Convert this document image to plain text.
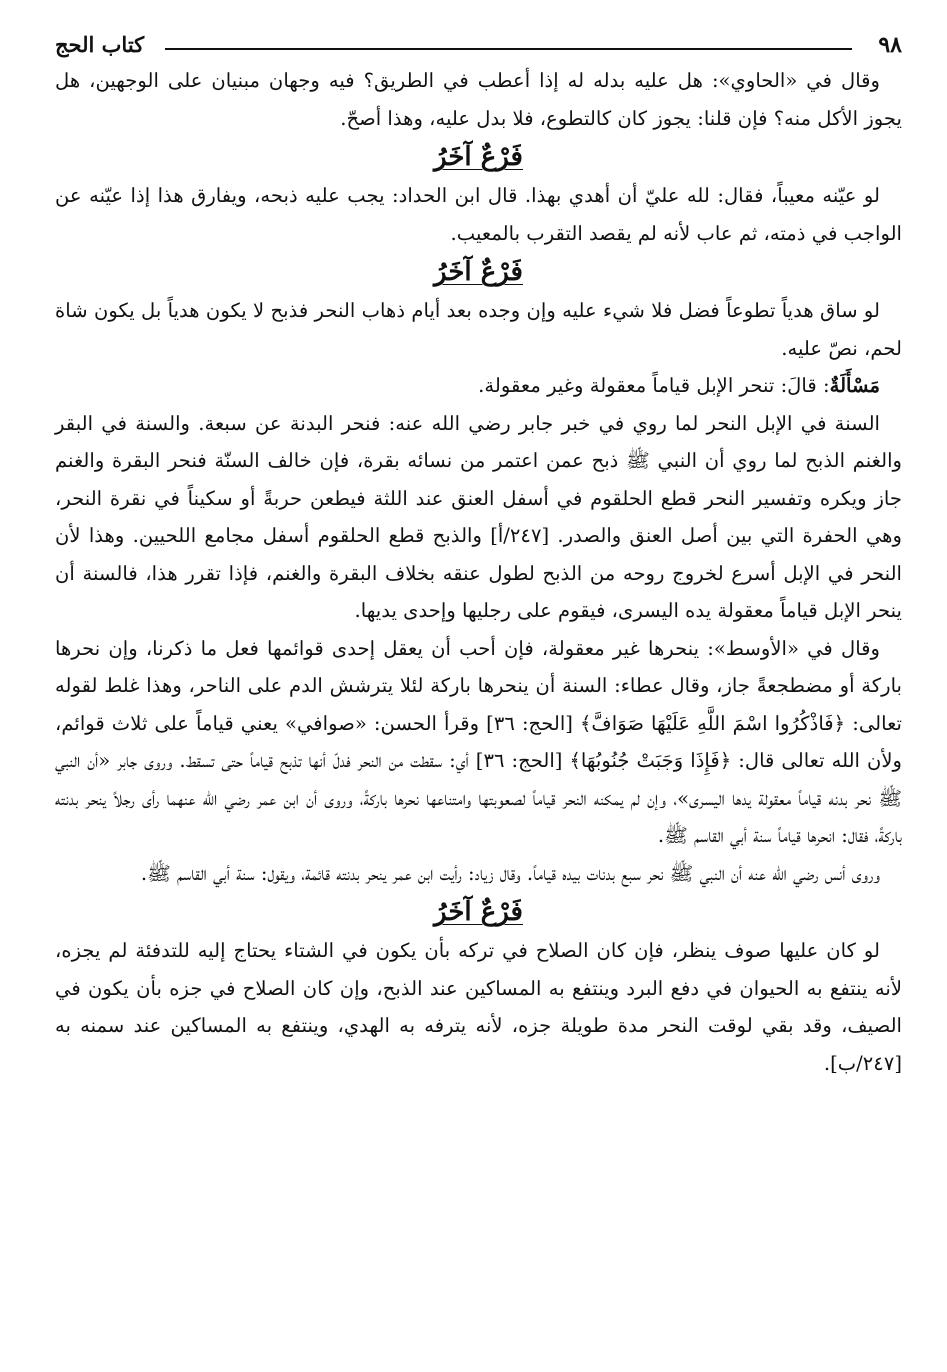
٩٨
كتاب الحج

وقال في «الحاوي»: هل عليه بدله له إذا أعطب في الطريق؟ فيه وجهان مبنيان على الوجهين، هل يجوز الأكل منه؟ فإن قلنا: يجوز كان كالتطوع، فلا بدل عليه، وهذا أصحّ.

فَرْعٌ آخَرُ

لو عيّنه معيباً، فقال: لله عليّ أن أهدي بهذا. قال ابن الحداد: يجب عليه ذبحه، ويفارق هذا إذا عيّنه عن الواجب في ذمته، ثم عاب لأنه لم يقصد التقرب بالمعيب.

فَرْعٌ آخَرُ

لو ساق هدياً تطوعاً فضل فلا شيء عليه وإن وجده بعد أيام ذهاب النحر فذبح لا يكون هدياً بل يكون شاة لحم، نصّ عليه.

مَسْأَلَةٌ: قالَ: تنحر الإبل قياماً معقولة وغير معقولة.

السنة في الإبل النحر لما روي في خبر جابر رضي الله عنه: فنحر البدنة عن سبعة. والسنة في البقر والغنم الذبح لما روي أن النبي ﷺ ذبح عمن اعتمر من نسائه بقرة، فإن خالف السنّة فنحر البقرة والغنم جاز ويكره وتفسير النحر قطع الحلقوم في أسفل العنق عند اللثة فيطعن حربةً أو سكيناً في نقرة النحر، وهي الحفرة التي بين أصل العنق والصدر. [٢٤٧/أ] والذبح قطع الحلقوم أسفل مجامع اللحيين. وهذا لأن النحر في الإبل أسرع لخروج روحه من الذبح لطول عنقه بخلاف البقرة والغنم، فإذا تقرر هذا، فالسنة أن ينحر الإبل قياماً معقولة يده اليسرى، فيقوم على رجليها وإحدى يديها.

وقال في «الأوسط»: ينحرها غير معقولة، فإن أحب أن يعقل إحدى قوائمها فعل ما ذكرنا، وإن نحرها باركة أو مضطجعةً جاز، وقال عطاء: السنة أن ينحرها باركة لئلا يترشش الدم على الناحر، وهذا غلط لقوله تعالى: ﴿فَاذْكُرُوا اسْمَ اللَّهِ عَلَيْهَا صَوَافَّ﴾ [الحج: ٣٦] وقرأ الحسن: «صوافي» يعني قياماً على ثلاث قوائم، ولأن الله تعالى قال: ﴿فَإِذَا وَجَبَتْ جُنُوبُهَا﴾ [الحج: ٣٦] أي: سقطت من النحر فدلّ أنها تذبح قياماً حتى تسقط. وروى جابر «أن النبي ﷺ نحر بدنه قياماً معقولة يدها اليسرى»، وإن لم يمكنه النحر قياماً لصعوبتها وامتناعها نحرها باركةً، وروى أن ابن عمر رضي الله عنهما رأى رجلاً ينحر بدنته باركةً، فقال: انحرها قياماً سنة أبي القاسم ﷺ.

وروى أنس رضي الله عنه أن النبي ﷺ نحر سبع بدنات بيده قياماً. وقال زياد: رأيت ابن عمر ينحر بدنته قائمة، ويقول: سنة أبي القاسم ﷺ.

فَرْعٌ آخَرُ

لو كان عليها صوف ينظر، فإن كان الصلاح في تركه بأن يكون في الشتاء يحتاج إليه للتدفئة لم يجزه، لأنه ينتفع به الحيوان في دفع البرد وينتفع به المساكين عند الذبح، وإن كان الصلاح في جزه بأن يكون في الصيف، وقد بقي لوقت النحر مدة طويلة جزه، لأنه يترفه به الهدي، وينتفع به المساكين عند سمنه به [٢٤٧/ب].
